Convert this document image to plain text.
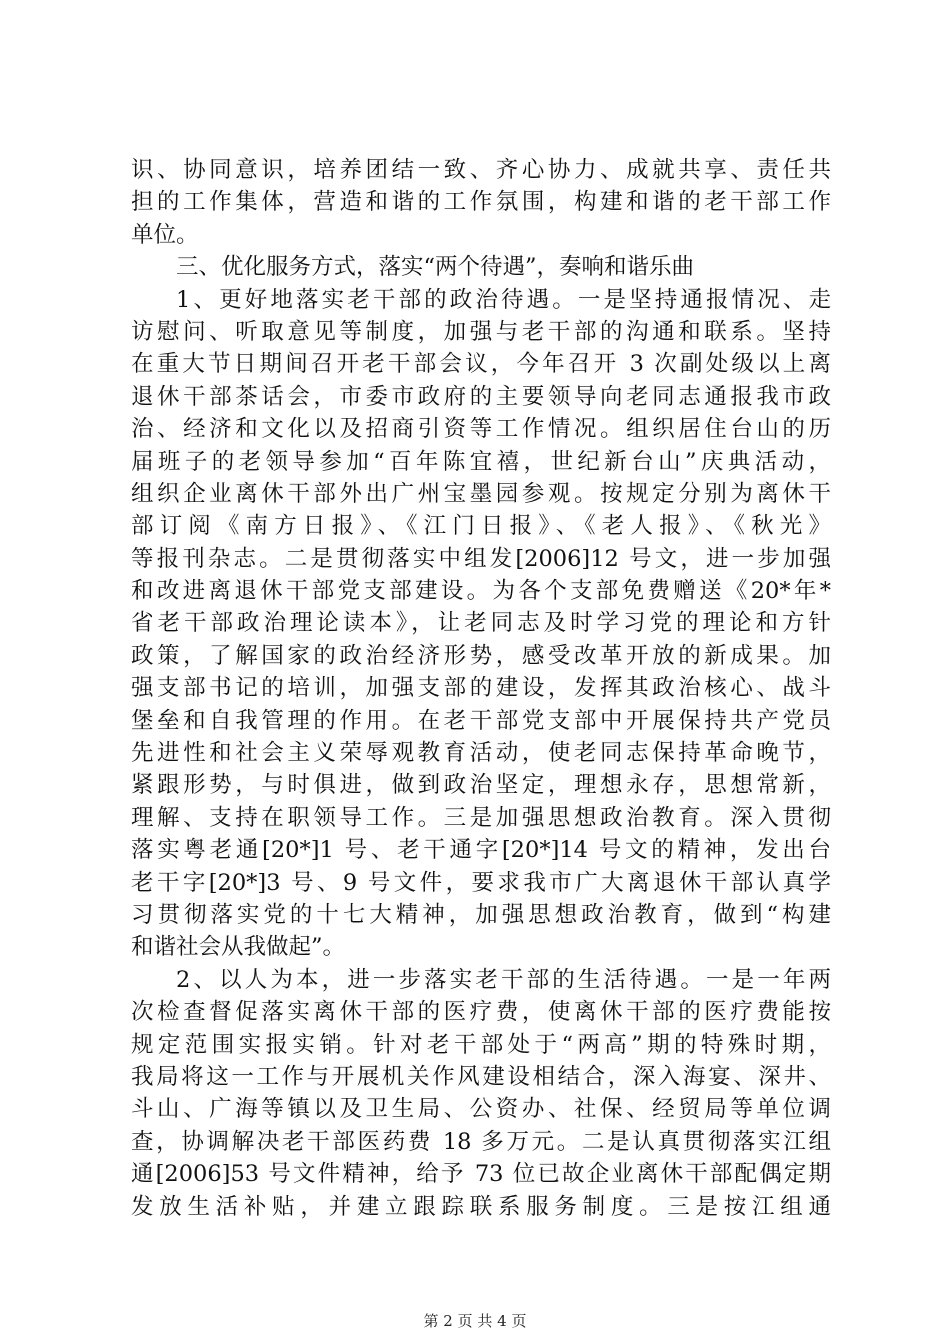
识、协同意识，培养团结一致、齐心协力、成就共享、责任共
担的工作集体，营造和谐的工作氛围，构建和谐的老干部工作
单位。
三、优化服务方式，落实“两个待遇”，奏响和谐乐曲
1、更好地落实老干部的政治待遇。一是坚持通报情况、走
访慰问、听取意见等制度，加强与老干部的沟通和联系。坚持
在重大节日期间召开老干部会议，今年召开 3 次副处级以上离
退休干部茶话会，市委市政府的主要领导向老同志通报我市政
治、经济和文化以及招商引资等工作情况。组织居住台山的历
届班子的老领导参加“百年陈宜禧，世纪新台山”庆典活动，
组织企业离休干部外出广州宝墨园参观。按规定分别为离休干
部订阅《南方日报》、《江门日报》、《老人报》、《秋光》
等报刊杂志。二是贯彻落实中组发[2006]12 号文，进一步加强
和改进离退休干部党支部建设。为各个支部免费赠送《20*年*
省老干部政治理论读本》，让老同志及时学习党的理论和方针
政策，了解国家的政治经济形势，感受改革开放的新成果。加
强支部书记的培训，加强支部的建设，发挥其政治核心、战斗
堡垒和自我管理的作用。在老干部党支部中开展保持共产党员
先进性和社会主义荣辱观教育活动，使老同志保持革命晚节，
紧跟形势，与时俱进，做到政治坚定，理想永存，思想常新，
理解、支持在职领导工作。三是加强思想政治教育。深入贯彻
落实粤老通[20*]1 号、老干通字[20*]14 号文的精神，发出台
老干字[20*]3 号、9 号文件，要求我市广大离退休干部认真学
习贯彻落实党的十七大精神，加强思想政治教育，做到“构建
和谐社会从我做起”。
2、以人为本，进一步落实老干部的生活待遇。一是一年两
次检查督促落实离休干部的医疗费，使离休干部的医疗费能按
规定范围实报实销。针对老干部处于“两高”期的特殊时期，
我局将这一工作与开展机关作风建设相结合，深入海宴、深井、
斗山、广海等镇以及卫生局、公资办、社保、经贸局等单位调
查，协调解决老干部医药费 18 多万元。二是认真贯彻落实江组
通[2006]53 号文件精神，给予 73 位已故企业离休干部配偶定期
发放生活补贴，并建立跟踪联系服务制度。三是按江组通
第 2 页 共 4 页
